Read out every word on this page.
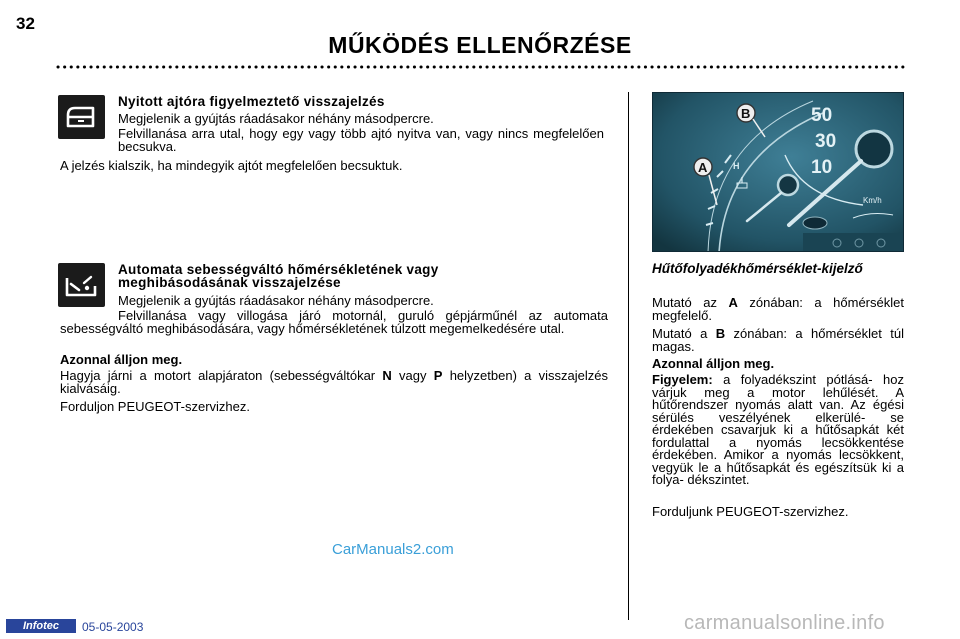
32
MŰKÖDÉS ELLENŐRZÉSE
Nyitott ajtóra figyelmeztető visszajelzés
Megjelenik a gyújtás ráadásakor néhány másodpercre.
Felvillanása arra utal, hogy egy vagy több ajtó nyitva van, vagy nincs megfelelően becsukva.
A jelzés kialszik, ha mindegyik ajtót megfelelően becsuktuk.
Automata sebességváltó hőmérsékletének vagy
meghibásodásának visszajelzése
Megjelenik a gyújtás ráadásakor néhány másodpercre.
Felvillanása vagy villogása járó motornál, guruló gépjárműnél az automata sebességváltó meghibásodására, vagy hőmérsékletének túlzott megemelkedésére utal.
Azonnal álljon meg.
Hagyja járni a motort alapjáraton (sebességváltókar N vagy P helyzetben) a visszajelzés kialvásáig.
Forduljon PEUGEOT-szervizhez.
H
50
30
10
Km/h
B
A
Hűtőfolyadékhőmérséklet-kijelző
Mutató az A zónában: a hőmérséklet megfelelő.
Mutató a B zónában: a hőmérséklet túl magas.
Azonnal álljon meg.
Figyelem: a folyadékszint pótlásá- hoz várjuk meg a motor lehűlését. A hűtőrendszer nyomás alatt van. Az égési sérülés veszélyének elkerülé- se érdekében csavarjuk ki a hűtősapkát két fordulattal a nyomás lecsökkentése érdekében. Amikor a nyomás lecsökkent, vegyük le a hűtősapkát és egészítsük ki a folya- dékszintet.
Forduljunk PEUGEOT-szervizhez.
CarManuals2.com
Infotec	05-05-2003	carmanualsonline.info
